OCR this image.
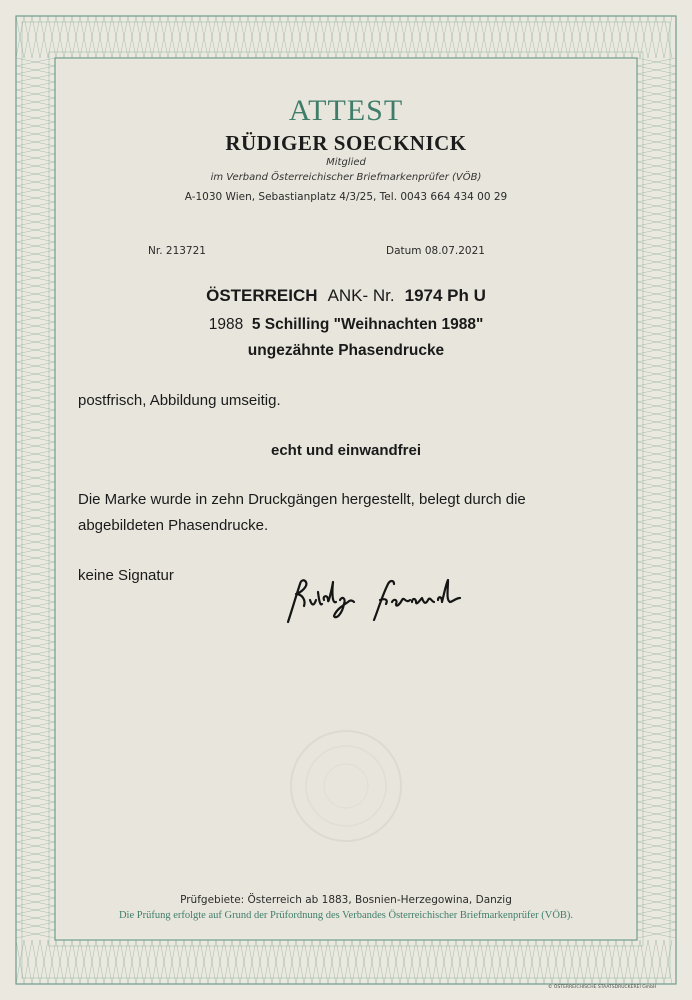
ATTEST
RÜDIGER SOECKNICK
Mitglied
im Verband Österreichischer Briefmarkenprüfer (VÖB)
A-1030 Wien, Sebastianplatz 4/3/25, Tel. 0043 664 434 00 29
Nr. 213721	Datum 08.07.2021
ÖSTERREICH ANK- Nr. 1974 Ph U
1988 5 Schilling "Weihnachten 1988"
ungezähnte Phasendrucke
postfrisch, Abbildung umseitig.
echt und einwandfrei
Die Marke wurde in zehn Druckgängen hergestellt, belegt durch die
abgebildeten Phasendrucke.
keine Signatur
Prüfgebiete: Österreich ab 1883, Bosnien-Herzegowina, Danzig
Die Prüfung erfolgte auf Grund der Prüfordnung des Verbandes Österreichischer Briefmarkenprüfer (VÖB).
© ÖSTERREICHISCHE STAATSDRUCKEREI GmbH
